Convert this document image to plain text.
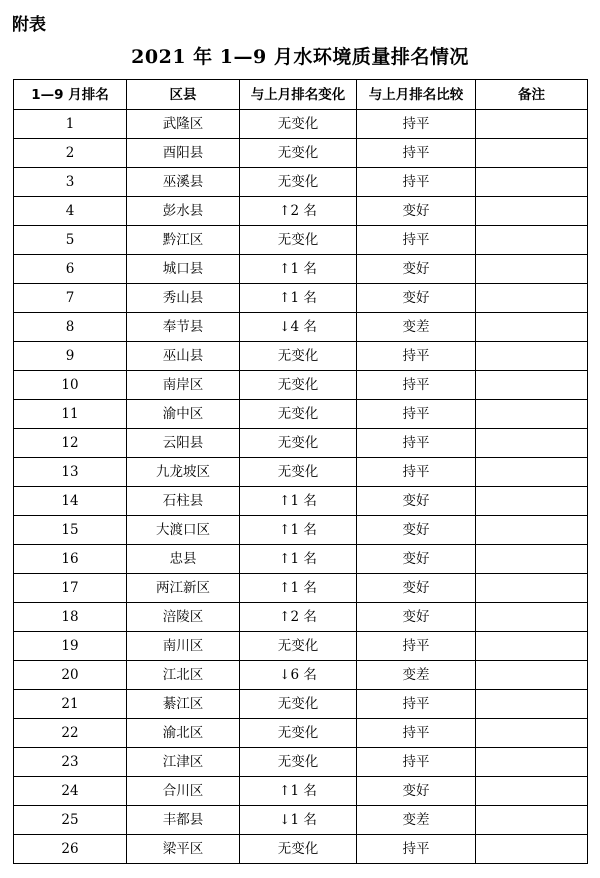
附表
2021 年 1—9 月水环境质量排名情况
1—9 月排名	区县	与上月排名变化	与上月排名比较	备注
1	武隆区	无变化	持平	
2	酉阳县	无变化	持平	
3	巫溪县	无变化	持平	
4	彭水县	↑2 名	变好	
5	黔江区	无变化	持平	
6	城口县	↑1 名	变好	
7	秀山县	↑1 名	变好	
8	奉节县	↓4 名	变差	
9	巫山县	无变化	持平	
10	南岸区	无变化	持平	
11	渝中区	无变化	持平	
12	云阳县	无变化	持平	
13	九龙坡区	无变化	持平	
14	石柱县	↑1 名	变好	
15	大渡口区	↑1 名	变好	
16	忠县	↑1 名	变好	
17	两江新区	↑1 名	变好	
18	涪陵区	↑2 名	变好	
19	南川区	无变化	持平	
20	江北区	↓6 名	变差	
21	綦江区	无变化	持平	
22	渝北区	无变化	持平	
23	江津区	无变化	持平	
24	合川区	↑1 名	变好	
25	丰都县	↓1 名	变差	
26	梁平区	无变化	持平	
